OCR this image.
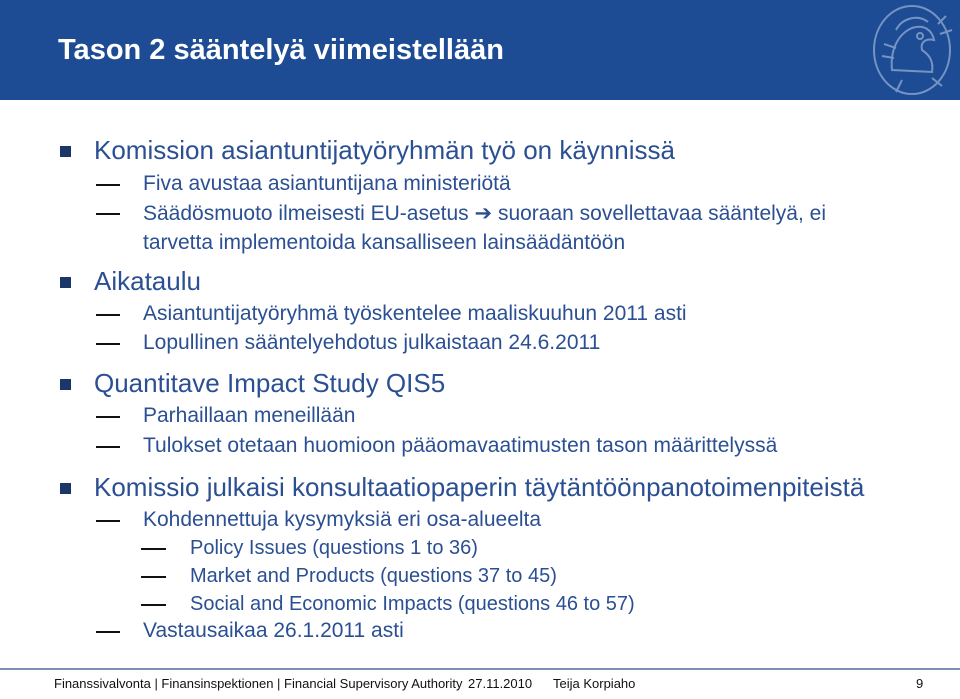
Tason 2 sääntelyä viimeistellään
Komission asiantuntijatyöryhmän työ on käynnissä
Fiva avustaa asiantuntijana ministeriötä
Säädösmuoto ilmeisesti EU-asetus ➔ suoraan sovellettavaa sääntelyä, ei
tarvetta implementoida kansalliseen lainsäädäntöön
Aikataulu
Asiantuntijatyöryhmä työskentelee maaliskuuhun 2011 asti
Lopullinen sääntelyehdotus julkaistaan 24.6.2011
Quantitave Impact Study QIS5
Parhaillaan meneillään
Tulokset otetaan huomioon pääomavaatimusten tason määrittelyssä
Komissio julkaisi konsultaatiopaperin täytäntöönpanotoimenpiteistä
Kohdennettuja kysymyksiä eri osa-alueelta
Policy Issues (questions 1 to 36)
Market and Products (questions 37 to 45)
Social and Economic Impacts (questions 46 to 57)
Vastausaikaa 26.1.2011 asti
Finanssivalvonta | Finansinspektionen | Financial Supervisory Authority 27.11.2010 Teija Korpiaho	9
